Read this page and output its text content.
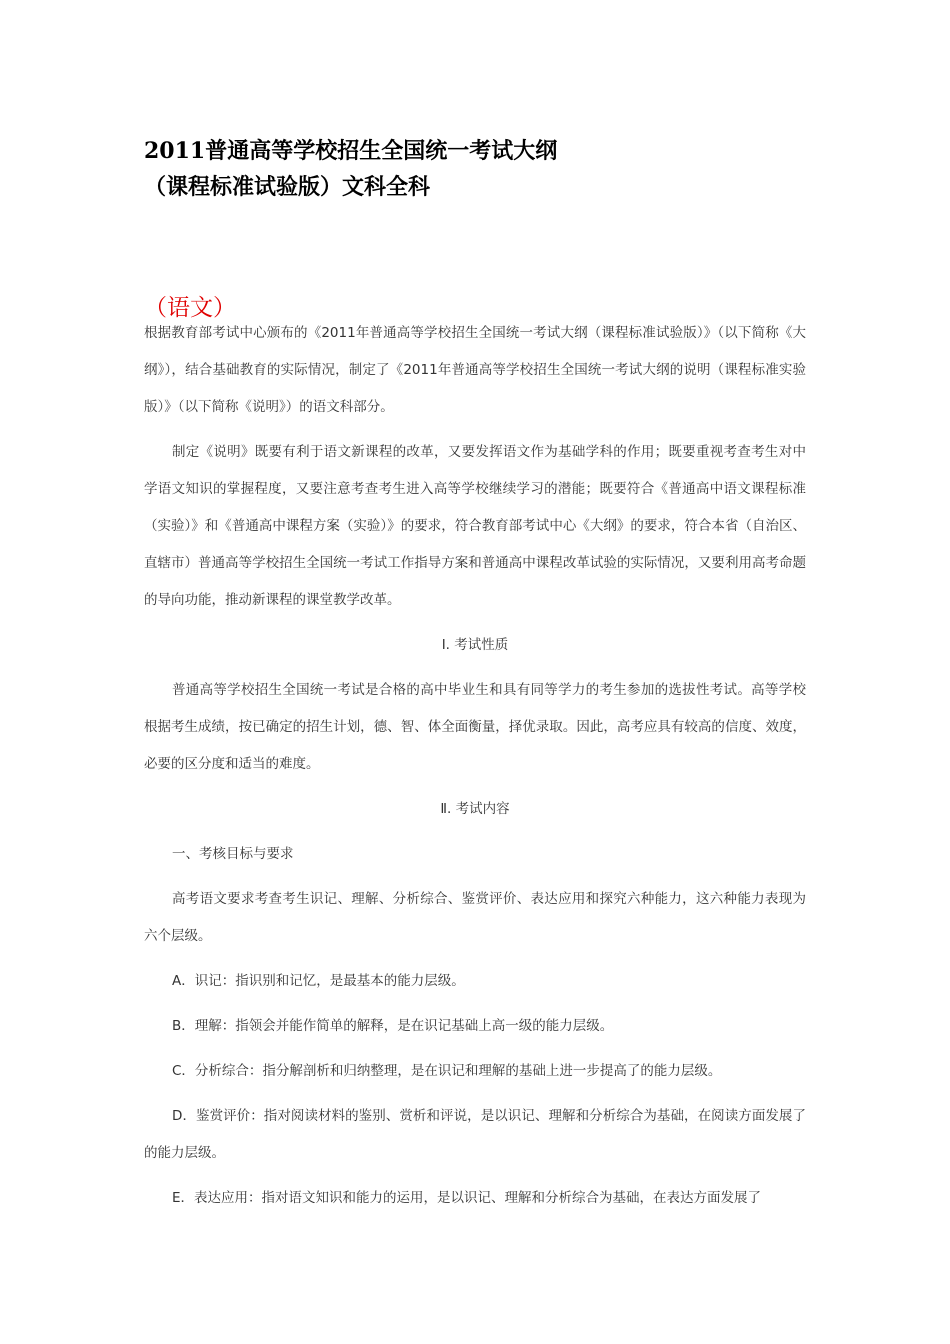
2011普通高等学校招生全国统一考试大纲
（课程标准试验版）文科全科
（语文）

根据教育部考试中心颁布的《2011年普通高等学校招生全国统一考试大纲（课程标准试验版）》（以下简称《大纲》），结合基础教育的实际情况，制定了《2011年普通高等学校招生全国统一考试大纲的说明（课程标准实验版）》（以下简称《说明》）的语文科部分。

制定《说明》既要有利于语文新课程的改革，又要发挥语文作为基础学科的作用；既要重视考查考生对中学语文知识的掌握程度，又要注意考查考生进入高等学校继续学习的潜能；既要符合《普通高中语文课程标准（实验）》和《普通高中课程方案（实验）》的要求，符合教育部考试中心《大纲》的要求，符合本省（自治区、直辖市）普通高等学校招生全国统一考试工作指导方案和普通高中课程改革试验的实际情况，又要利用高考命题的导向功能，推动新课程的课堂教学改革。

Ⅰ. 考试性质

普通高等学校招生全国统一考试是合格的高中毕业生和具有同等学力的考生参加的选拔性考试。高等学校根据考生成绩，按已确定的招生计划，德、智、体全面衡量，择优录取。因此，高考应具有较高的信度、效度，必要的区分度和适当的难度。

Ⅱ. 考试内容

一、考核目标与要求

高考语文要求考查考生识记、理解、分析综合、鉴赏评价、表达应用和探究六种能力，这六种能力表现为六个层级。

A．识记：指识别和记忆，是最基本的能力层级。

B．理解：指领会并能作简单的解释，是在识记基础上高一级的能力层级。

C．分析综合：指分解剖析和归纳整理，是在识记和理解的基础上进一步提高了的能力层级。

D．鉴赏评价：指对阅读材料的鉴别、赏析和评说，是以识记、理解和分析综合为基础，在阅读方面发展了的能力层级。

E．表达应用：指对语文知识和能力的运用，是以识记、理解和分析综合为基础，在表达方面发展了
